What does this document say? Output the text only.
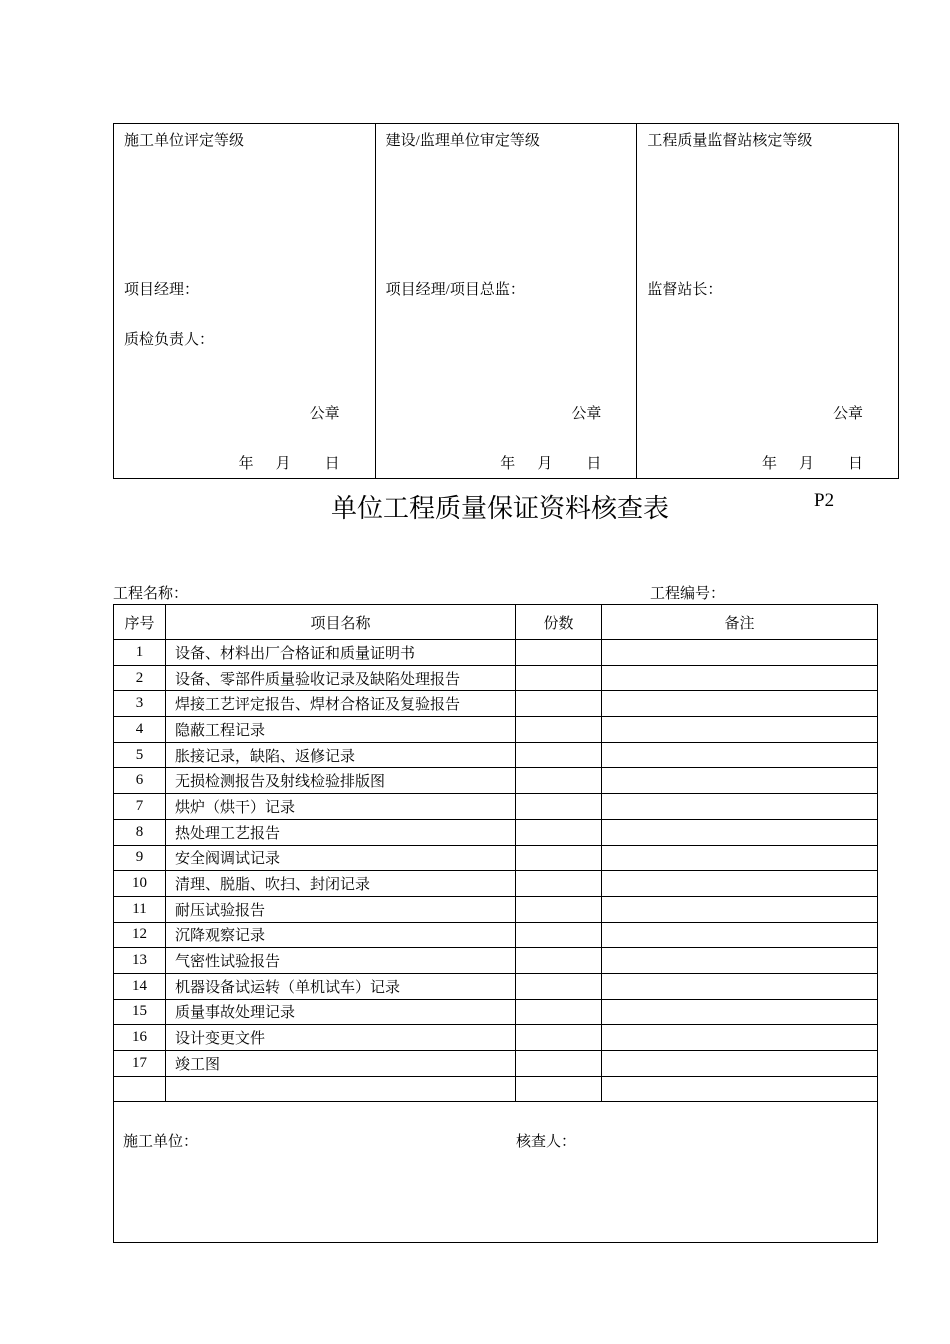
施工单位评定等级
项目经理：
质检负责人：
公章
年 月 日
建设/监理单位审定等级
项目经理/项目总监：
公章
年 月 日
工程质量监督站核定等级
监督站长：
公章
年 月 日
单位工程质量保证资料核查表	P2
工程名称：	工程编号：
序号	项目名称	份数	备注
1	设备、材料出厂合格证和质量证明书		
2	设备、零部件质量验收记录及缺陷处理报告		
3	焊接工艺评定报告、焊材合格证及复验报告		
4	隐蔽工程记录		
5	胀接记录，缺陷、返修记录		
6	无损检测报告及射线检验排版图		
7	烘炉（烘干）记录		
8	热处理工艺报告		
9	安全阀调试记录		
10	清理、脱脂、吹扫、封闭记录		
11	耐压试验报告		
12	沉降观察记录		
13	气密性试验报告		
14	机器设备试运转（单机试车）记录		
15	质量事故处理记录		
16	设计变更文件		
17	竣工图		

施工单位： 核查人：			
